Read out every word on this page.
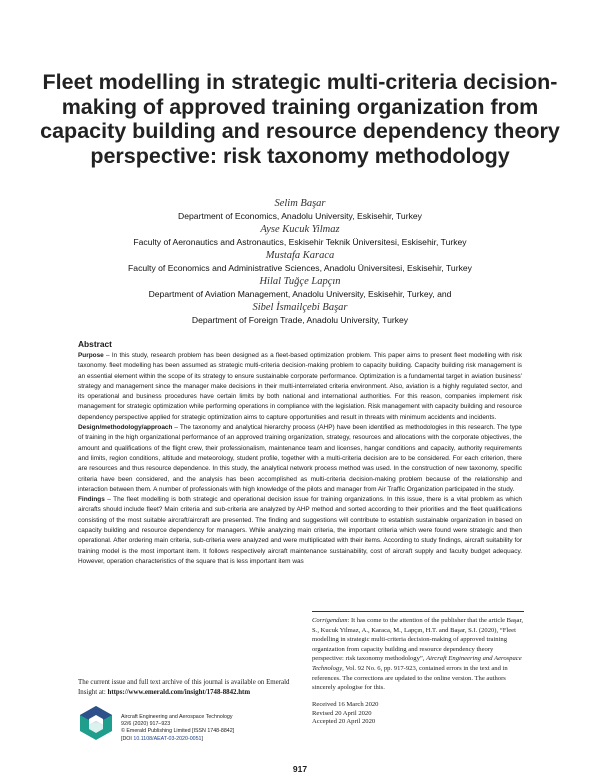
Fleet modelling in strategic multi-criteria decision-making of approved training organization from capacity building and resource dependency theory perspective: risk taxonomy methodology
Selim Başar
Department of Economics, Anadolu University, Eskisehir, Turkey
Ayse Kucuk Yilmaz
Faculty of Aeronautics and Astronautics, Eskisehir Teknik Üniversitesi, Eskisehir, Turkey
Mustafa Karaca
Faculty of Economics and Administrative Sciences, Anadolu Üniversitesi, Eskisehir, Turkey
Hilal Tuğçe Lapçın
Department of Aviation Management, Anadolu University, Eskisehir, Turkey, and
Sibel İsmailçebi Başar
Department of Foreign Trade, Anadolu University, Turkey
Abstract

Purpose – In this study, research problem has been designed as a fleet-based optimization problem. This paper aims to present fleet modelling with risk taxonomy. fleet modelling has been assumed as strategic multi-criteria decision-making problem to capacity building. Capacity building risk management is an essential element within the scope of its strategy to ensure sustainable corporate performance. Optimization is a fundamental target in aviation business' strategy and management since the manager make decisions in their multi-interrelated criteria environment. Also, aviation is a highly regulated sector, and its operational and business procedures have certain limits by both national and international authorities. For this reason, companies implement risk management for strategic optimization while performing operations in compliance with the legislation. Risk management with capacity building and resource dependency perspective applied for strategic optimization aims to capture opportunities and result in threats with minimum accidents and incidents.

Design/methodology/approach – The taxonomy and analytical hierarchy process (AHP) have been identified as methodologies in this research. The type of training in the high organizational performance of an approved training organization, strategy, resources and allocations with the corporate objectives, the amount and qualifications of the flight crew, their professionalism, maintenance team and licenses, hangar conditions and capacity, authority requirements and limits, region conditions, altitude and meteorology, student profile, together with a multi-criteria decision are to be considered. For each criterion, there are resources and thus resource dependence. In this study, the analytical network process method was used. In the construction of new taxonomy, specific criteria have been considered, and the analysis has been accomplished as multi-criteria decision-making problem because of the relationship and interaction between them. A number of professionals with high knowledge of the pilots and manager from Air Traffic Organization participated in the study.

Findings – The fleet modelling is both strategic and operational decision issue for training organizations. In this issue, there is a vital problem as which aircrafts should include fleet? Main criteria and sub-criteria are analyzed by AHP method and sorted according to their priorities and the fleet qualifications consisting of the most suitable aircraft/aircraft are presented. The finding and suggestions will contribute to establish sustainable organization in based on capacity building and resource dependency for managers. While analyzing main criteria, the important criteria which were found were strategic and then operational. After ordering main criteria, sub-criteria were analyzed and were multiplicated with their items. According to study findings, aircraft suitability for training model is the most important item. It follows respectively aircraft maintenance sustainability, cost of aircraft supply and faculty budget adequacy. However, operation characteristics of the square that is less important item was

The current issue and full text archive of this journal is available on Emerald Insight at: https://www.emerald.com/insight/1748-8842.htm

Aircraft Engineering and Aerospace Technology
92/6 (2020) 917–923
© Emerald Publishing Limited [ISSN 1748-8842]
[DOI 10.1108/AEAT-03-2020-0051]

Corrigendum: It has come to the attention of the publisher that the article Başar, S., Kucuk Yilmaz, A., Karaca, M., Lapçın, H.T. and Başar, S.I. (2020), “Fleet modelling in strategic multi-criteria decision-making of approved training organization from capacity building and resource dependency theory perspective: risk taxonomy methodology”, Aircraft Engineering and Aerospace Technology, Vol. 92 No. 6, pp. 917-923, contained errors in the text and in references. The corrections are updated to the online version. The authors sincerely apologise for this.

Received 16 March 2020
Revised 20 April 2020
Accepted 20 April 2020
917
